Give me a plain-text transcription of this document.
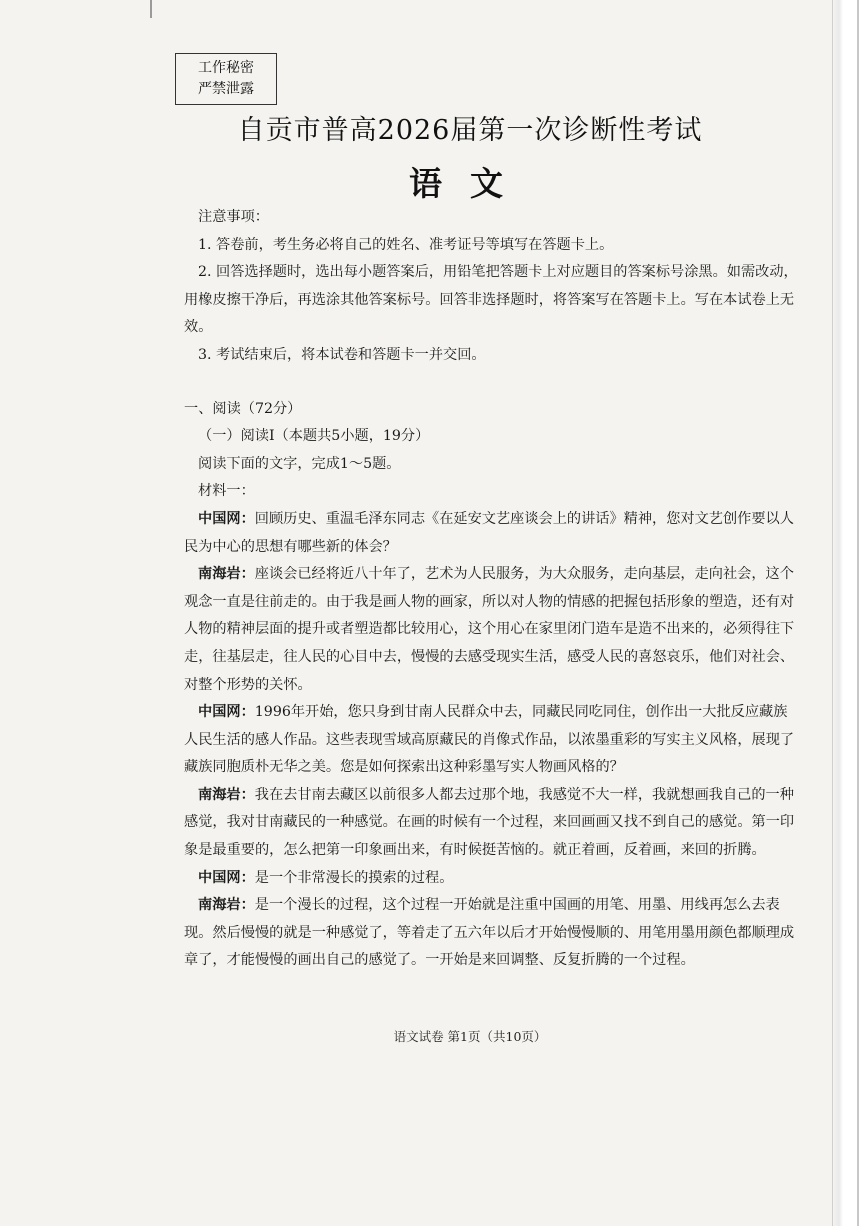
工作秘密
严禁泄露
自贡市普高2026届第一次诊断性考试
语文

注意事项：

1. 答卷前，考生务必将自己的姓名、准考证号等填写在答题卡上。

2. 回答选择题时，选出每小题答案后，用铅笔把答题卡上对应题目的答案标号涂黑。如需改动，用橡皮擦干净后，再选涂其他答案标号。回答非选择题时，将答案写在答题卡上。写在本试卷上无效。

3. 考试结束后，将本试卷和答题卡一并交回。

一、阅读（72分）

（一）阅读Ⅰ（本题共5小题，19分）

阅读下面的文字，完成1～5题。

材料一：

中国网：回顾历史、重温毛泽东同志《在延安文艺座谈会上的讲话》精神，您对文艺创作要以人民为中心的思想有哪些新的体会？

南海岩：座谈会已经将近八十年了，艺术为人民服务，为大众服务，走向基层，走向社会，这个观念一直是往前走的。由于我是画人物的画家，所以对人物的情感的把握包括形象的塑造，还有对人物的精神层面的提升或者塑造都比较用心，这个用心在家里闭门造车是造不出来的，必须得往下走，往基层走，往人民的心目中去，慢慢的去感受现实生活，感受人民的喜怒哀乐，他们对社会、对整个形势的关怀。

中国网：1996年开始，您只身到甘南人民群众中去，同藏民同吃同住，创作出一大批反应藏族人民生活的感人作品。这些表现雪域高原藏民的肖像式作品，以浓墨重彩的写实主义风格，展现了藏族同胞质朴无华之美。您是如何探索出这种彩墨写实人物画风格的？

南海岩：我在去甘南去藏区以前很多人都去过那个地，我感觉不大一样，我就想画我自己的一种感觉，我对甘南藏民的一种感觉。在画的时候有一个过程，来回画画又找不到自己的感觉。第一印象是最重要的，怎么把第一印象画出来，有时候挺苦恼的。就正着画，反着画，来回的折腾。

中国网：是一个非常漫长的摸索的过程。

南海岩：是一个漫长的过程，这个过程一开始就是注重中国画的用笔、用墨、用线再怎么去表现。然后慢慢的就是一种感觉了，等着走了五六年以后才开始慢慢顺的、用笔用墨用颜色都顺理成章了，才能慢慢的画出自己的感觉了。一开始是来回调整、反复折腾的一个过程。

语文试卷 第1页（共10页）
